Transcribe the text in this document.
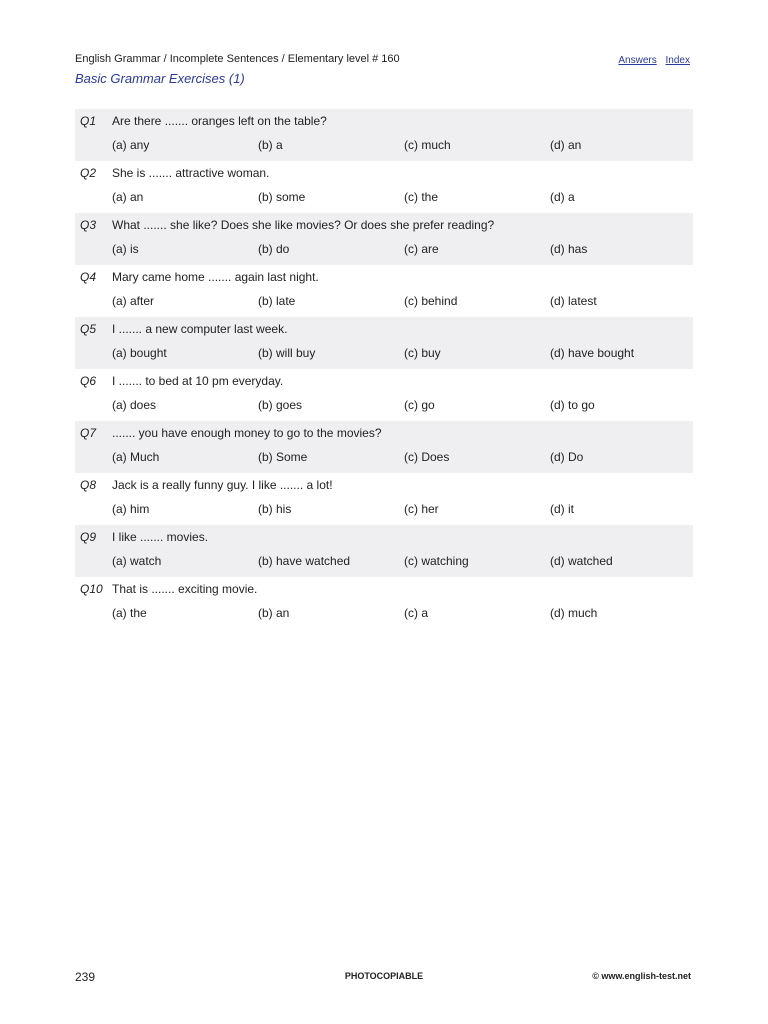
English Grammar / Incomplete Sentences / Elementary level # 160	Answers Index
Basic Grammar Exercises (1)
Q1 Are there ....... oranges left on the table?
(a) any	(b) a	(c) much	(d) an
Q2 She is ....... attractive woman.
(a) an	(b) some	(c) the	(d) a
Q3 What ....... she like? Does she like movies? Or does she prefer reading?
(a) is	(b) do	(c) are	(d) has
Q4 Mary came home ....... again last night.
(a) after	(b) late	(c) behind	(d) latest
Q5 I ....... a new computer last week.
(a) bought	(b) will buy	(c) buy	(d) have bought
Q6 I ....... to bed at 10 pm everyday.
(a) does	(b) goes	(c) go	(d) to go
Q7 ....... you have enough money to go to the movies?
(a) Much	(b) Some	(c) Does	(d) Do
Q8 Jack is a really funny guy. I like ....... a lot!
(a) him	(b) his	(c) her	(d) it
Q9 I like ....... movies.
(a) watch	(b) have watched	(c) watching	(d) watched
Q10 That is ....... exciting movie.
(a) the	(b) an	(c) a	(d) much
239	PHOTOCOPIABLE	© www.english-test.net
